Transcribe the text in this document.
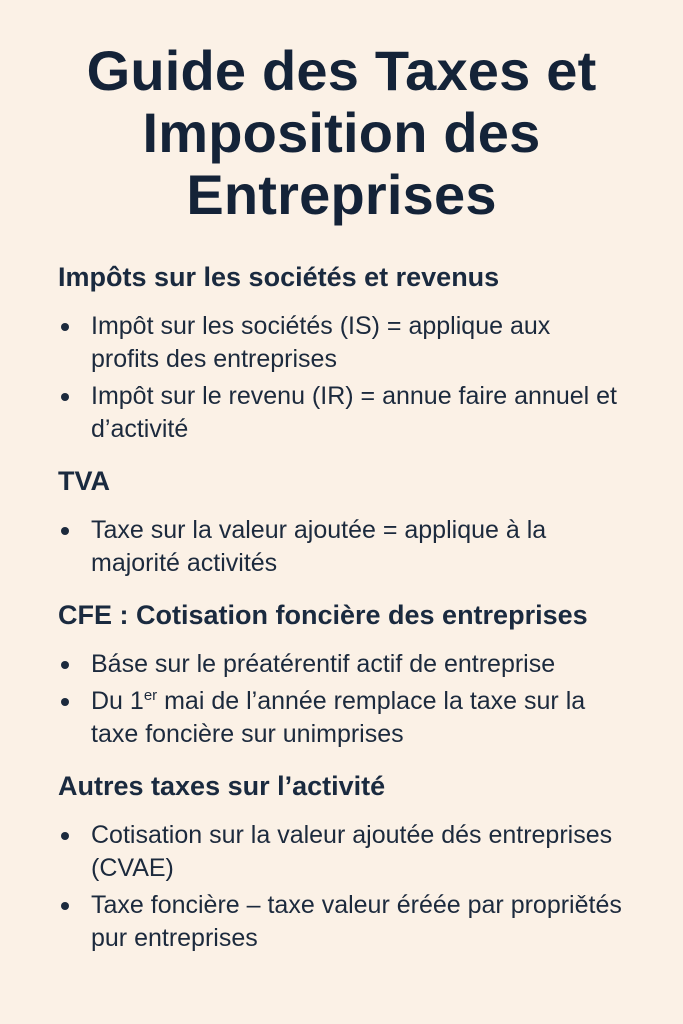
Guide des Taxes et Imposition des Entreprises
Impôts sur les sociétés et revenus
Impôt sur les sociétés (IS) = applique aux profits des entreprises
Impôt sur le revenu (IR) = annue faire annuel et d’activité
TVA
Taxe sur la valeur ajoutée = applique à la majorité activités
CFE : Cotisation foncière des entreprises
Báse sur le préatérentif actif de entreprise
Du 1er mai de l’année remplace la taxe sur la taxe foncière sur unimprises
Autres taxes sur l’activité
Cotisation sur la valeur ajoutée dés entreprises (CVAE)
Taxe foncière – taxe valeur éréée par propriětés pur entreprises
